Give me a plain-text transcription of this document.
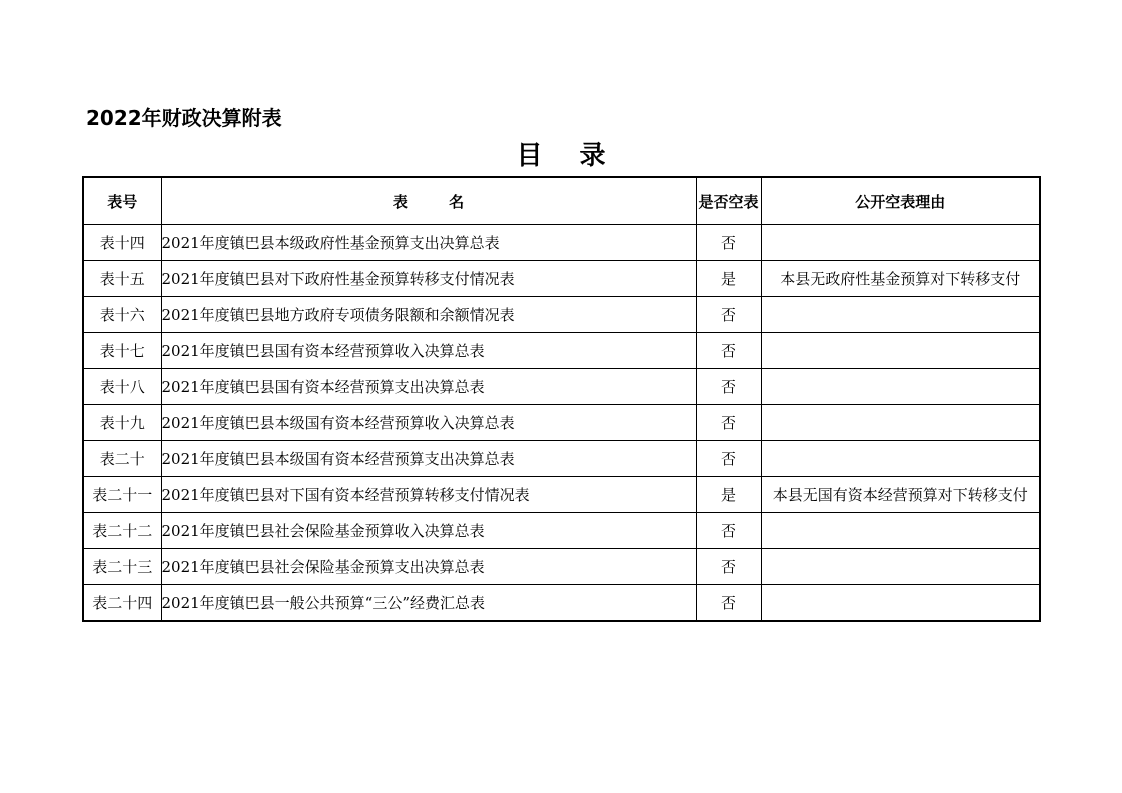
2022年财政决算附表
目 录
表号	表 名	是否空表	公开空表理由
表十四	2021年度镇巴县本级政府性基金预算支出决算总表	否	
表十五	2021年度镇巴县对下政府性基金预算转移支付情况表	是	本县无政府性基金预算对下转移支付
表十六	2021年度镇巴县地方政府专项债务限额和余额情况表	否	
表十七	2021年度镇巴县国有资本经营预算收入决算总表	否	
表十八	2021年度镇巴县国有资本经营预算支出决算总表	否	
表十九	2021年度镇巴县本级国有资本经营预算收入决算总表	否	
表二十	2021年度镇巴县本级国有资本经营预算支出决算总表	否	
表二十一	2021年度镇巴县对下国有资本经营预算转移支付情况表	是	本县无国有资本经营预算对下转移支付
表二十二	2021年度镇巴县社会保险基金预算收入决算总表	否	
表二十三	2021年度镇巴县社会保险基金预算支出决算总表	否	
表二十四	2021年度镇巴县一般公共预算“三公”经费汇总表	否	
